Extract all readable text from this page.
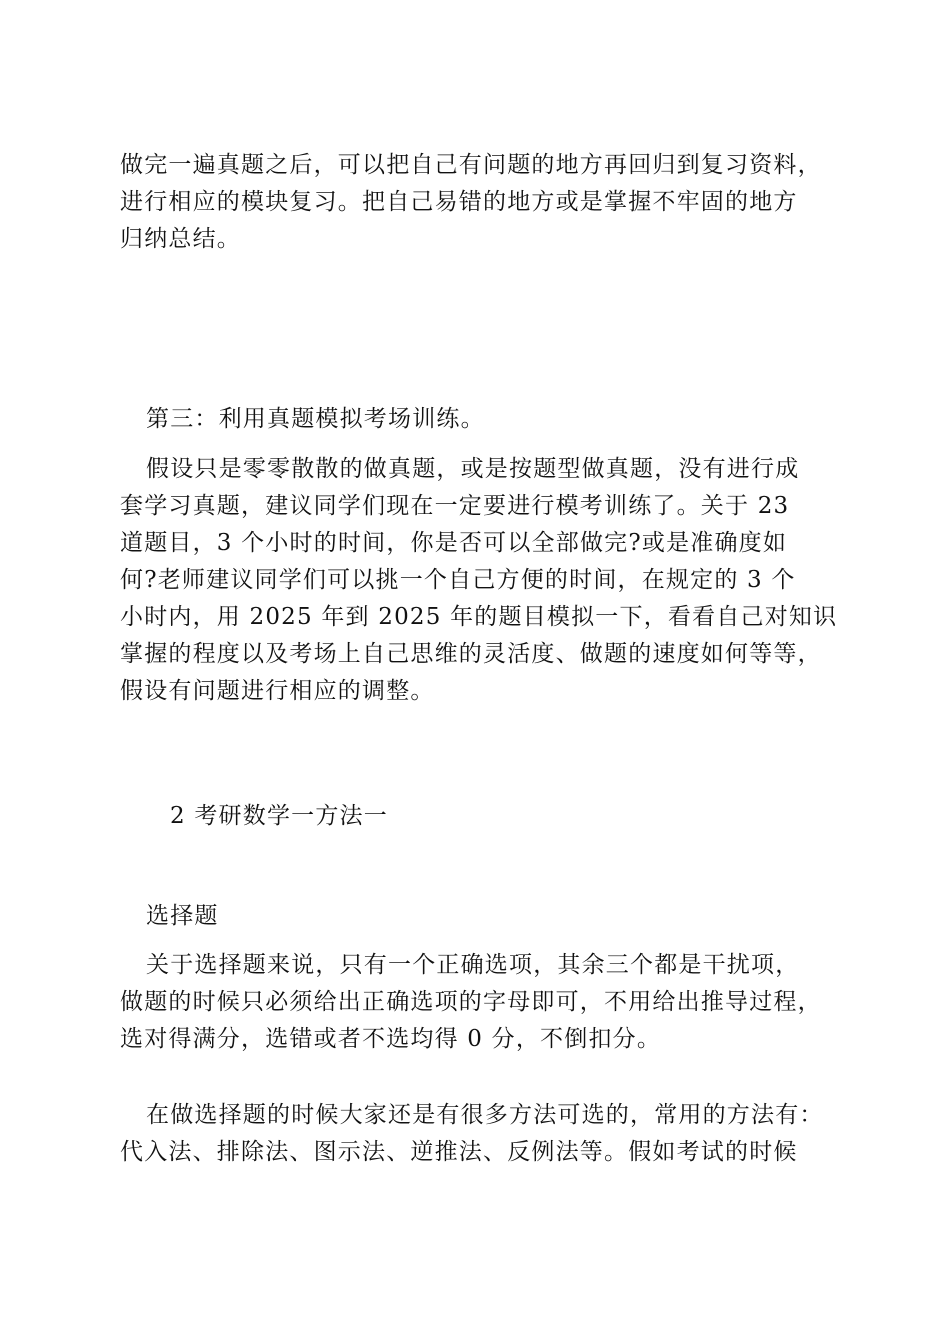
做完一遍真题之后，可以把自己有问题的地方再回归到复习资料，
进行相应的模块复习。把自己易错的地方或是掌握不牢固的地方
归纳总结。
第三：利用真题模拟考场训练。
假设只是零零散散的做真题，或是按题型做真题，没有进行成
套学习真题，建议同学们现在一定要进行模考训练了。关于 23
道题目，3 个小时的时间，你是否可以全部做完?或是准确度如
何?老师建议同学们可以挑一个自己方便的时间，在规定的 3 个
小时内，用 2025 年到 2025 年的题目模拟一下，看看自己对知识
掌握的程度以及考场上自己思维的灵活度、做题的速度如何等等，
假设有问题进行相应的调整。
2 考研数学一方法一
选择题
关于选择题来说，只有一个正确选项，其余三个都是干扰项，
做题的时候只必须给出正确选项的字母即可，不用给出推导过程，
选对得满分，选错或者不选均得 0 分，不倒扣分。
在做选择题的时候大家还是有很多方法可选的，常用的方法有：
代入法、排除法、图示法、逆推法、反例法等。假如考试的时候
